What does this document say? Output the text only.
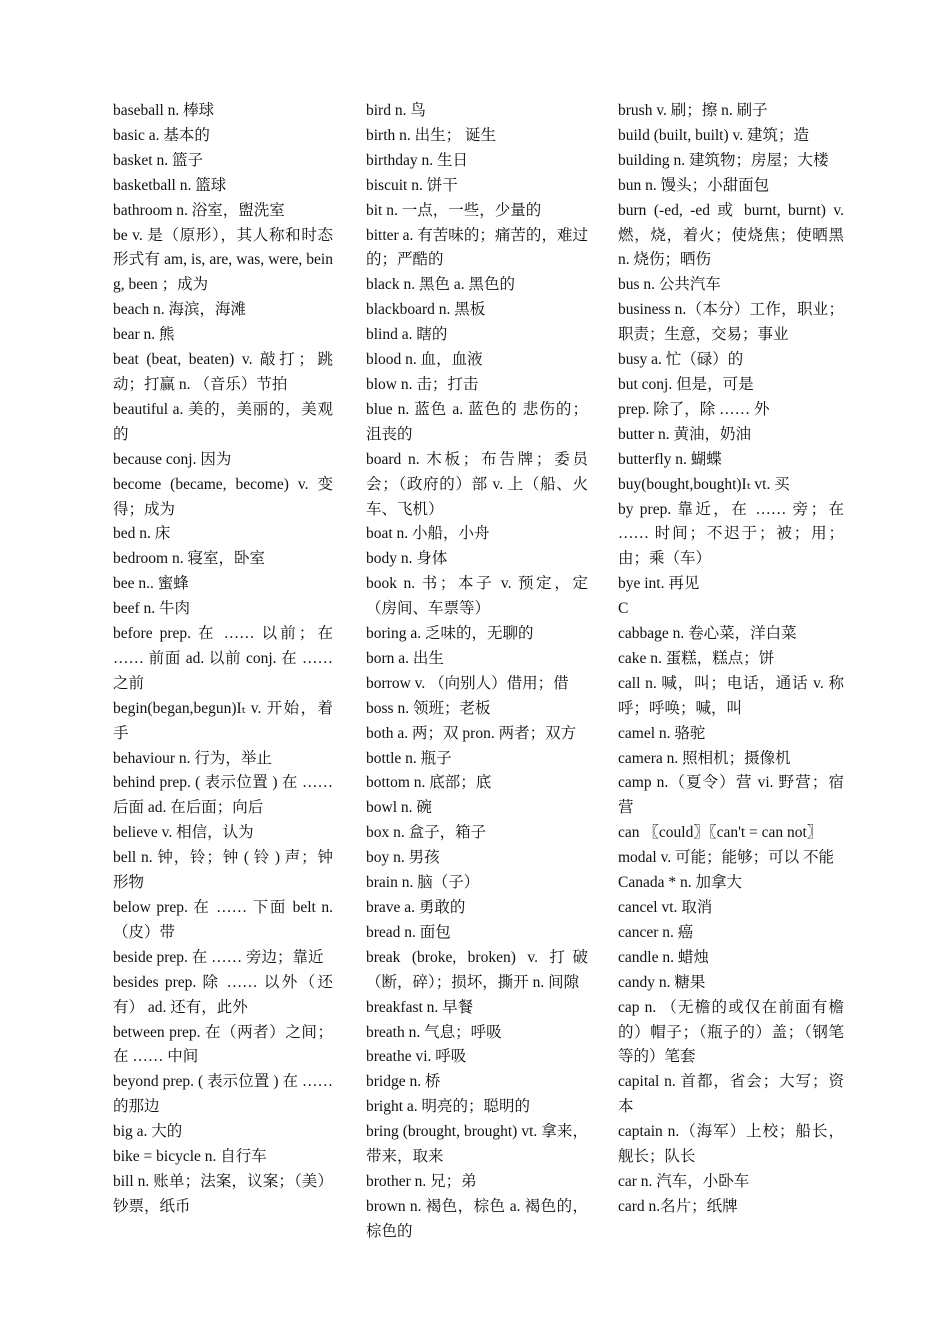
baseball n. 棒球
basic a. 基本的
basket n. 篮子
basketball n. 篮球
bathroom n. 浴室，盥洗室
be v. 是（原形），其人称和时态形式有 am, is, are, was, were, being, been ；成为
beach n. 海滨，海滩
bear n. 熊
beat (beat, beaten) v. 敲打；跳动；打赢 n. （音乐）节拍
beautiful a. 美的，美丽的，美观的
because conj. 因为
become (became, become) v. 变得；成为
bed n. 床
bedroom n. 寝室，卧室
bee n.. 蜜蜂
beef n. 牛肉
before prep. 在 …… 以前；在 …… 前面 ad. 以前 conj. 在 …… 之前
begin(began,begun)Iₜ v. 开始，着手
behaviour n. 行为，举止
behind prep. ( 表示位置 ) 在 …… 后面 ad. 在后面；向后
believe v. 相信，认为
bell n. 钟，铃；钟 ( 铃 ) 声；钟形物
below prep. 在 …… 下面 belt n. （皮）带
beside prep. 在 …… 旁边；靠近
besides prep. 除 …… 以外（还有） ad. 还有，此外
between prep. 在（两者）之间；在 …… 中间
beyond prep. ( 表示位置 ) 在 …… 的那边
big a. 大的
bike = bicycle n. 自行车
bill n. 账单；法案，议案；（美）钞票，纸币
bird n. 鸟
birth n. 出生； 诞生
birthday n. 生日
biscuit n. 饼干
bit n. 一点，一些，少量的
bitter a. 有苦味的；痛苦的，难过的；严酷的
black n. 黑色 a. 黑色的
blackboard n. 黑板
blind a. 瞎的
blood n. 血，血液
blow n. 击；打击
blue n. 蓝色 a. 蓝色的 悲伤的；沮丧的
board n. 木板；布告牌；委员会；（政府的）部 v. 上（船、火车、飞机）
boat n. 小船，小舟
body n. 身体
book n. 书；本子 v. 预定，定（房间、车票等）
boring a. 乏味的，无聊的
born a. 出生
borrow v. （向别人）借用；借
boss n. 领班；老板
both a. 两；双 pron. 两者；双方
bottle n. 瓶子
bottom n. 底部；底
bowl n. 碗
box n. 盒子，箱子
boy n. 男孩
brain n. 脑（子）
brave a. 勇敢的
bread n. 面包
break (broke, broken) v. 打破（断，碎）；损坏，撕开 n. 间隙
breakfast n. 早餐
breath n. 气息；呼吸
breathe vi. 呼吸
bridge n. 桥
bright a. 明亮的；聪明的
bring (brought, brought) vt. 拿来，带来，取来
brother n. 兄；弟
brown n. 褐色，棕色 a. 褐色的，棕色的
brush v. 刷；擦 n. 刷子
build (built, built) v. 建筑；造
building n. 建筑物；房屋；大楼
bun n. 馒头；小甜面包
burn (-ed, -ed 或 burnt, burnt) v. 燃，烧，着火；使烧焦；使晒黑 n. 烧伤；晒伤
bus n. 公共汽车
business n.（本分）工作，职业；职责；生意，交易；事业
busy a. 忙（碌）的
but conj. 但是，可是
prep. 除了，除 …… 外
butter n. 黄油，奶油
butterfly n. 蝴蝶
buy(bought,bought)Iₜ vt. 买
by prep. 靠近，在 …… 旁；在 …… 时间；不迟于；被；用；由；乘（车）
bye int. 再见
C
cabbage n. 卷心菜，洋白菜
cake n. 蛋糕，糕点；饼
call n. 喊，叫；电话，通话 v. 称呼；呼唤；喊，叫
camel n. 骆驼
camera n. 照相机；摄像机
camp n.（夏令）营 vi. 野营；宿营
can 〖could〗〖can't = can not〗
modal v. 可能；能够；可以 不能
Canada * n. 加拿大
cancel vt. 取消
cancer n. 癌
candle n. 蜡烛
candy n. 糖果
cap n. （无檐的或仅在前面有檐的）帽子；（瓶子的）盖；（钢笔等的）笔套
capital n. 首都，省会；大写；资本
captain n.（海军）上校；船长，舰长；队长
car n. 汽车，小卧车
card n.名片；纸牌
